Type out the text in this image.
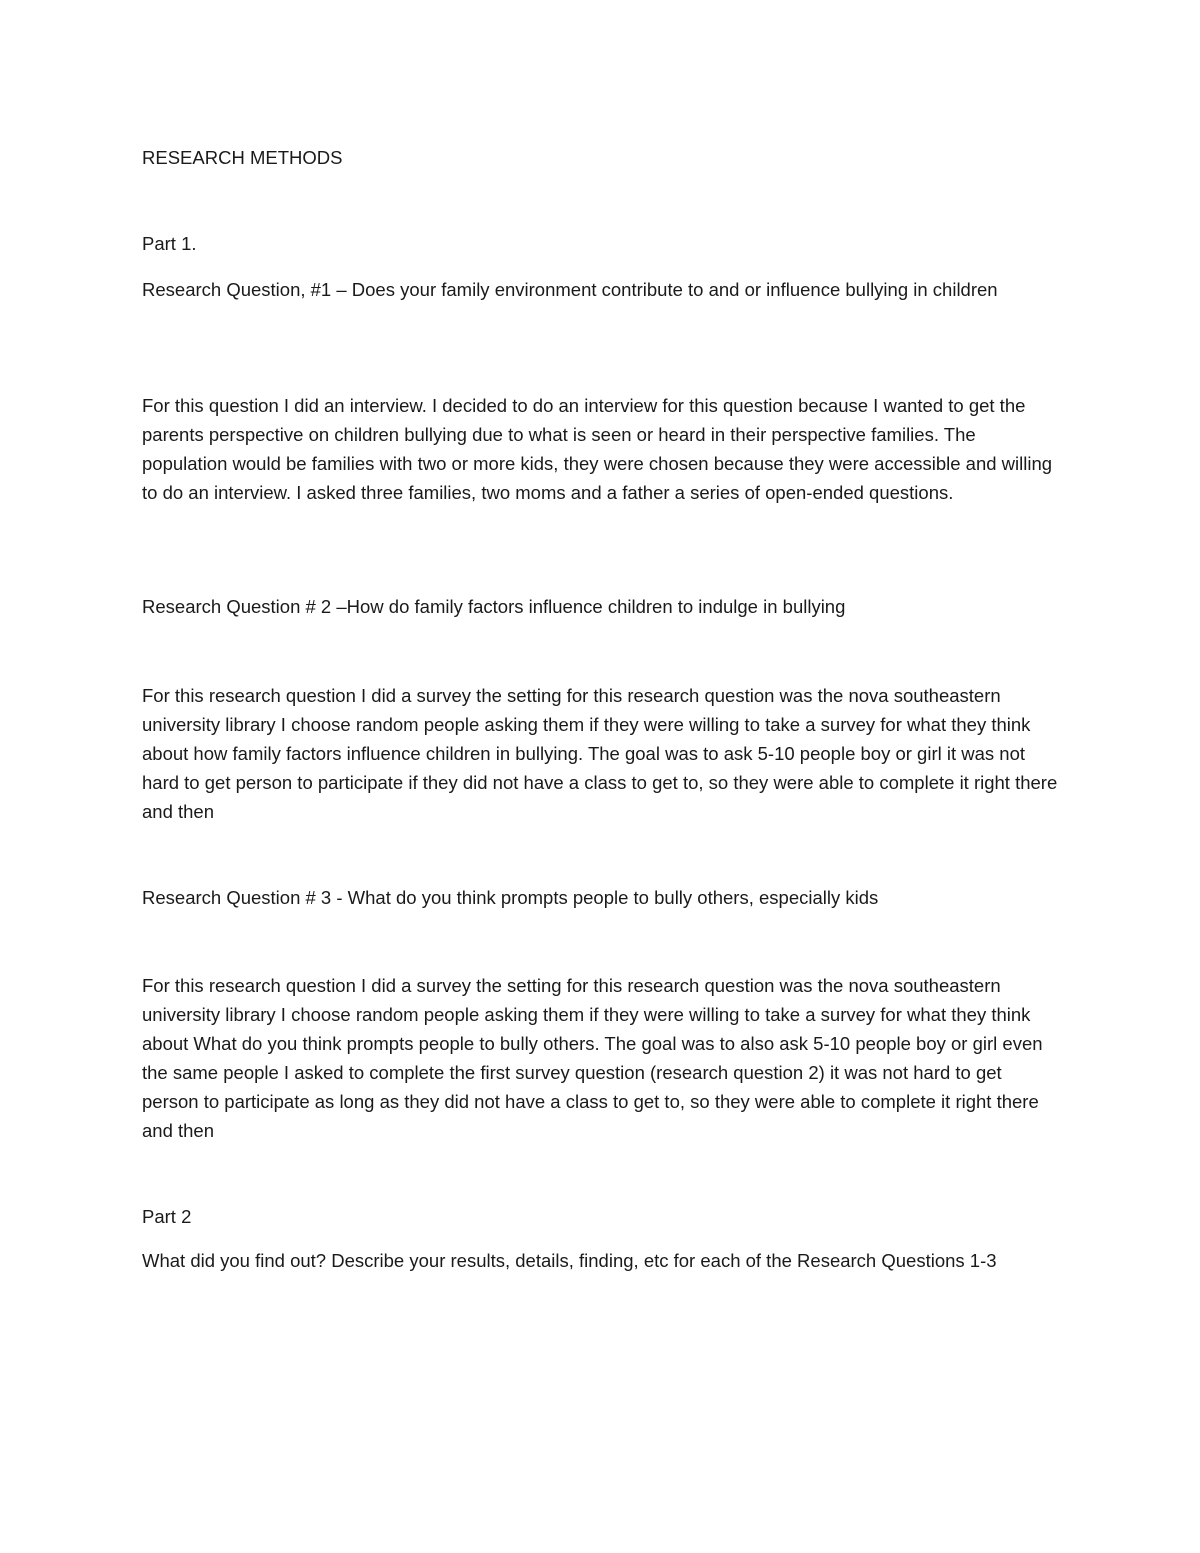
RESEARCH METHODS

Part 1.

Research Question, #1 – Does your family environment contribute to and or influence bullying in children

For this question I did an interview. I decided to do an interview for this question because I wanted to get the parents perspective on children bullying due to what is seen or heard in their perspective families. The population would be families with two or more kids, they were chosen because they were accessible and willing to do an interview. I asked three families, two moms and a father a series of open-ended questions.

Research Question # 2 –How do family factors influence children to indulge in bullying

For this research question I did a survey the setting for this research question was the nova southeastern university library I choose random people asking them if they were willing to take a survey for what they think about how family factors influence children in bullying. The goal was to ask 5-10 people boy or girl it was not hard to get person to participate if they did not have a class to get to, so they were able to complete it right there and then

Research Question # 3 - What do you think prompts people to bully others, especially kids

For this research question I did a survey the setting for this research question was the nova southeastern university library I choose random people asking them if they were willing to take a survey for what they think about What do you think prompts people to bully others. The goal was to also ask 5-10 people boy or girl even the same people I asked to complete the first survey question (research question 2) it was not hard to get person to participate as long as they did not have a class to get to, so they were able to complete it right there and then

Part 2

What did you find out? Describe your results, details, finding, etc for each of the Research Questions 1-3
